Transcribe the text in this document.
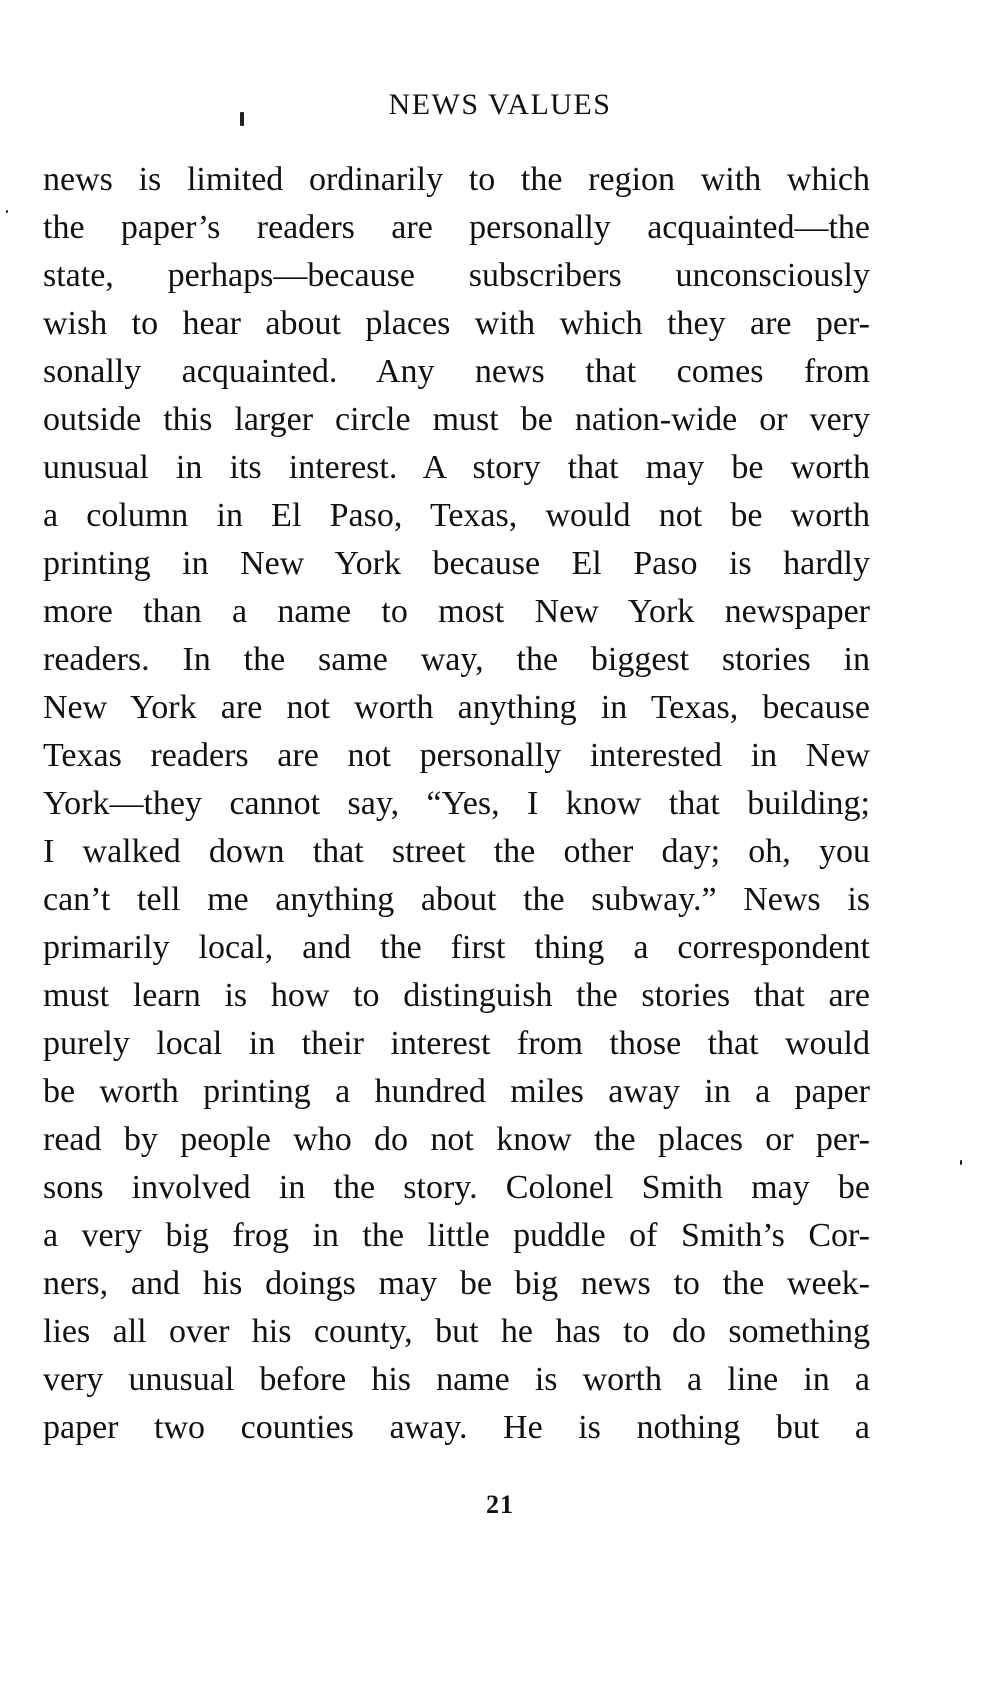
NEWS VALUES
news is limited ordinarily to the region with which
the paper’s readers are personally acquainted—the
state, perhaps—because subscribers unconsciously
wish to hear about places with which they are per-
sonally acquainted. Any news that comes from
outside this larger circle must be nation-wide or very
unusual in its interest. A story that may be worth
a column in El Paso, Texas, would not be worth
printing in New York because El Paso is hardly
more than a name to most New York newspaper
readers. In the same way, the biggest stories in
New York are not worth anything in Texas, because
Texas readers are not personally interested in New
York—they cannot say, “Yes, I know that building;
I walked down that street the other day; oh, you
can’t tell me anything about the subway.” News is
primarily local, and the first thing a correspondent
must learn is how to distinguish the stories that are
purely local in their interest from those that would
be worth printing a hundred miles away in a paper
read by people who do not know the places or per-
sons involved in the story. Colonel Smith may be
a very big frog in the little puddle of Smith’s Cor-
ners, and his doings may be big news to the week-
lies all over his county, but he has to do something
very unusual before his name is worth a line in a
paper two counties away. He is nothing but a
21
